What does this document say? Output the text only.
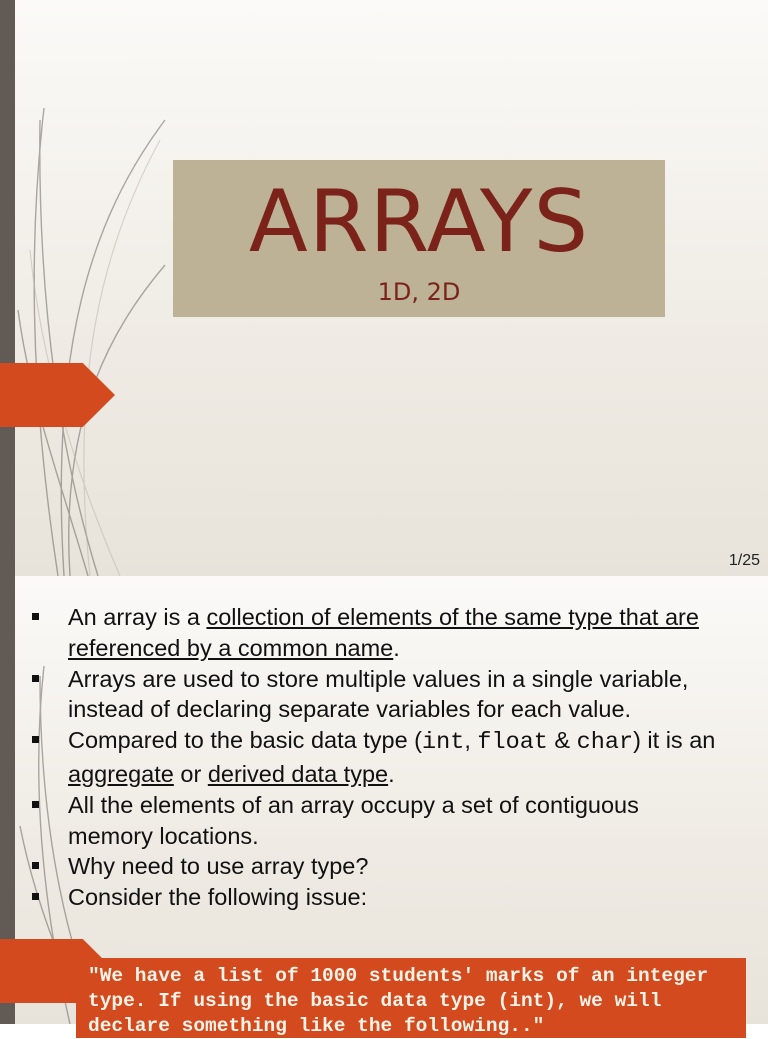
ARRAYS
1D, 2D
1/25
An array is a collection of elements of the same type that are referenced by a common name.
Arrays are used to store multiple values in a single variable, instead of declaring separate variables for each value.
Compared to the basic data type (int, float & char) it is an aggregate or derived data type.
All the elements of an array occupy a set of contiguous memory locations.
Why need to use array type?
Consider the following issue:
"We have a list of 1000 students' marks of an integer type. If using the basic data type (int), we will declare something like the following.."
